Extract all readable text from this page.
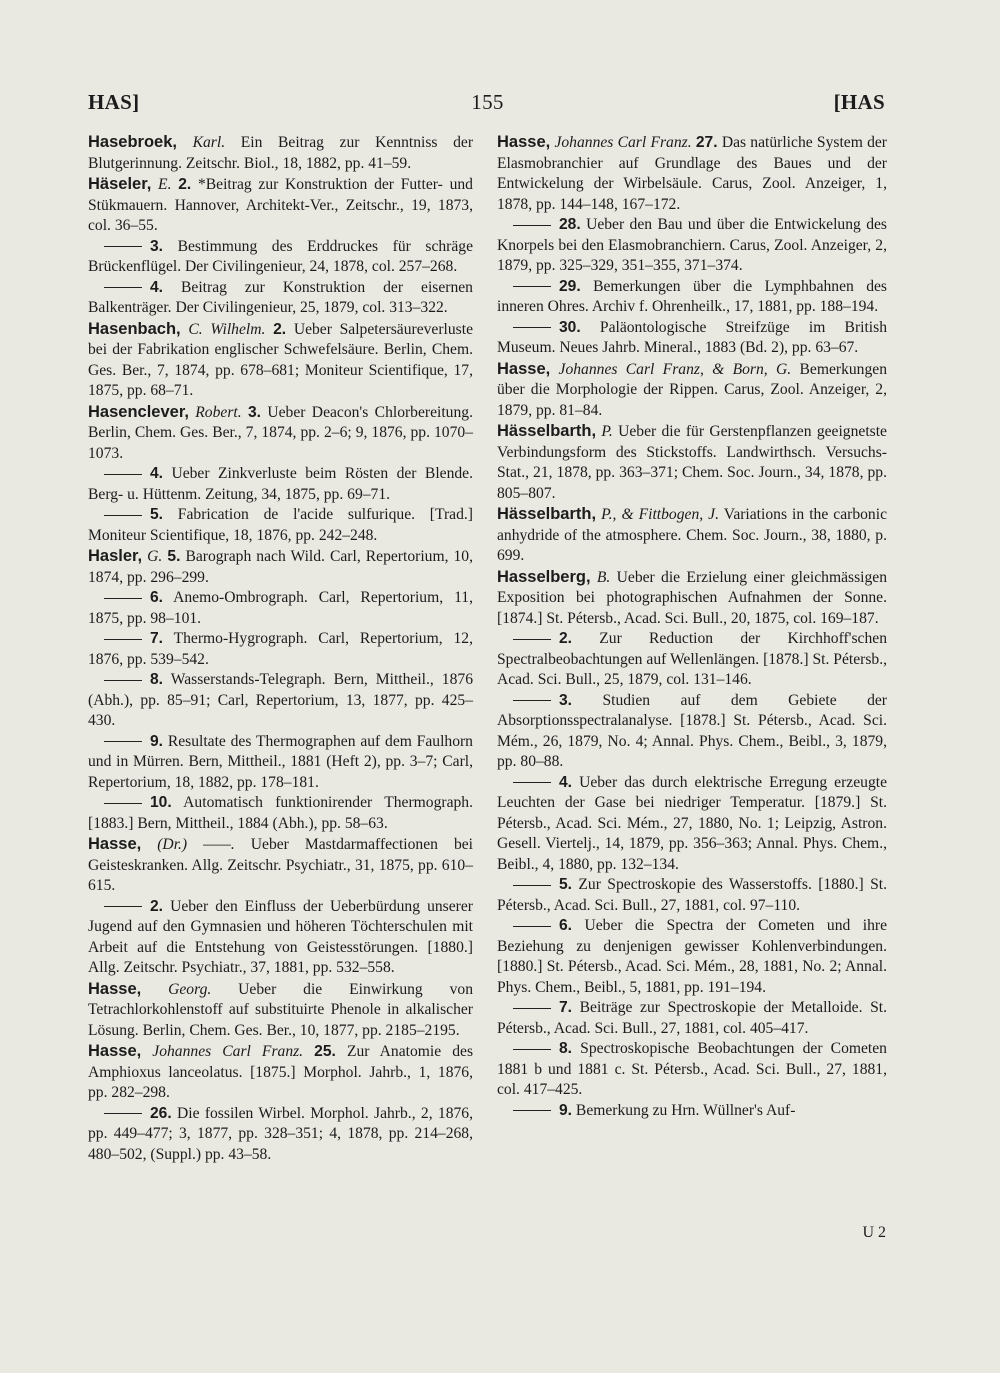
HAS]	155	[HAS

Hasebroek, Karl. Ein Beitrag zur Kenntniss der Blutgerinnung. Zeitschr. Biol., 18, 1882, pp. 41–59.

Häseler, E. 2. *Beitrag zur Konstruktion der Futter- und Stükmauern. Hannover, Architekt-Ver., Zeitschr., 19, 1873, col. 36–55.

3. Bestimmung des Erddruckes für schräge Brückenflügel. Der Civilingenieur, 24, 1878, col. 257–268.

4. Beitrag zur Konstruktion der eisernen Balkenträger. Der Civilingenieur, 25, 1879, col. 313–322.

Hasenbach, C. Wilhelm. 2. Ueber Salpetersäureverluste bei der Fabrikation englischer Schwefelsäure. Berlin, Chem. Ges. Ber., 7, 1874, pp. 678–681; Moniteur Scientifique, 17, 1875, pp. 68–71.

Hasenclever, Robert. 3. Ueber Deacon's Chlorbereitung. Berlin, Chem. Ges. Ber., 7, 1874, pp. 2–6; 9, 1876, pp. 1070–1073.

4. Ueber Zinkverluste beim Rösten der Blende. Berg- u. Hüttenm. Zeitung, 34, 1875, pp. 69–71.

5. Fabrication de l'acide sulfurique. [Trad.] Moniteur Scientifique, 18, 1876, pp. 242–248.

Hasler, G. 5. Barograph nach Wild. Carl, Repertorium, 10, 1874, pp. 296–299.

6. Anemo-Ombrograph. Carl, Repertorium, 11, 1875, pp. 98–101.

7. Thermo-Hygrograph. Carl, Repertorium, 12, 1876, pp. 539–542.

8. Wasserstands-Telegraph. Bern, Mittheil., 1876 (Abh.), pp. 85–91; Carl, Repertorium, 13, 1877, pp. 425–430.

9. Resultate des Thermographen auf dem Faulhorn und in Mürren. Bern, Mittheil., 1881 (Heft 2), pp. 3–7; Carl, Repertorium, 18, 1882, pp. 178–181.

10. Automatisch funktionirender Thermograph. [1883.] Bern, Mittheil., 1884 (Abh.), pp. 58–63.

Hasse, (Dr.) ——. Ueber Mastdarmaffectionen bei Geisteskranken. Allg. Zeitschr. Psychiatr., 31, 1875, pp. 610–615.

2. Ueber den Einfluss der Ueberbürdung unserer Jugend auf den Gymnasien und höheren Töchterschulen mit Arbeit auf die Entstehung von Geistesstörungen. [1880.] Allg. Zeitschr. Psychiatr., 37, 1881, pp. 532–558.

Hasse, Georg. Ueber die Einwirkung von Tetrachlorkohlenstoff auf substituirte Phenole in alkalischer Lösung. Berlin, Chem. Ges. Ber., 10, 1877, pp. 2185–2195.

Hasse, Johannes Carl Franz. 25. Zur Anatomie des Amphioxus lanceolatus. [1875.] Morphol. Jahrb., 1, 1876, pp. 282–298.

26. Die fossilen Wirbel. Morphol. Jahrb., 2, 1876, pp. 449–477; 3, 1877, pp. 328–351; 4, 1878, pp. 214–268, 480–502, (Suppl.) pp. 43–58.

Hasse, Johannes Carl Franz. 27. Das natürliche System der Elasmobranchier auf Grundlage des Baues und der Entwickelung der Wirbelsäule. Carus, Zool. Anzeiger, 1, 1878, pp. 144–148, 167–172.

28. Ueber den Bau und über die Entwickelung des Knorpels bei den Elasmobranchiern. Carus, Zool. Anzeiger, 2, 1879, pp. 325–329, 351–355, 371–374.

29. Bemerkungen über die Lymphbahnen des inneren Ohres. Archiv f. Ohrenheilk., 17, 1881, pp. 188–194.

30. Paläontologische Streifzüge im British Museum. Neues Jahrb. Mineral., 1883 (Bd. 2), pp. 63–67.

Hasse, Johannes Carl Franz, & Born, G. Bemerkungen über die Morphologie der Rippen. Carus, Zool. Anzeiger, 2, 1879, pp. 81–84.

Hässelbarth, P. Ueber die für Gerstenpflanzen geeignetste Verbindungsform des Stickstoffs. Landwirthsch. Versuchs-Stat., 21, 1878, pp. 363–371; Chem. Soc. Journ., 34, 1878, pp. 805–807.

Hässelbarth, P., & Fittbogen, J. Variations in the carbonic anhydride of the atmosphere. Chem. Soc. Journ., 38, 1880, p. 699.

Hasselberg, B. Ueber die Erzielung einer gleichmässigen Exposition bei photographischen Aufnahmen der Sonne. [1874.] St. Pétersb., Acad. Sci. Bull., 20, 1875, col. 169–187.

2. Zur Reduction der Kirchhoff'schen Spectralbeobachtungen auf Wellenlängen. [1878.] St. Pétersb., Acad. Sci. Bull., 25, 1879, col. 131–146.

3. Studien auf dem Gebiete der Absorptionsspectralanalyse. [1878.] St. Pétersb., Acad. Sci. Mém., 26, 1879, No. 4; Annal. Phys. Chem., Beibl., 3, 1879, pp. 80–88.

4. Ueber das durch elektrische Erregung erzeugte Leuchten der Gase bei niedriger Temperatur. [1879.] St. Pétersb., Acad. Sci. Mém., 27, 1880, No. 1; Leipzig, Astron. Gesell. Viertelj., 14, 1879, pp. 356–363; Annal. Phys. Chem., Beibl., 4, 1880, pp. 132–134.

5. Zur Spectroskopie des Wasserstoffs. [1880.] St. Pétersb., Acad. Sci. Bull., 27, 1881, col. 97–110.

6. Ueber die Spectra der Cometen und ihre Beziehung zu denjenigen gewisser Kohlenverbindungen. [1880.] St. Pétersb., Acad. Sci. Mém., 28, 1881, No. 2; Annal. Phys. Chem., Beibl., 5, 1881, pp. 191–194.

7. Beiträge zur Spectroskopie der Metalloide. St. Pétersb., Acad. Sci. Bull., 27, 1881, col. 405–417.

8. Spectroskopische Beobachtungen der Cometen 1881 b und 1881 c. St. Pétersb., Acad. Sci. Bull., 27, 1881, col. 417–425.

9. Bemerkung zu Hrn. Wüllner's Auf-

U 2
